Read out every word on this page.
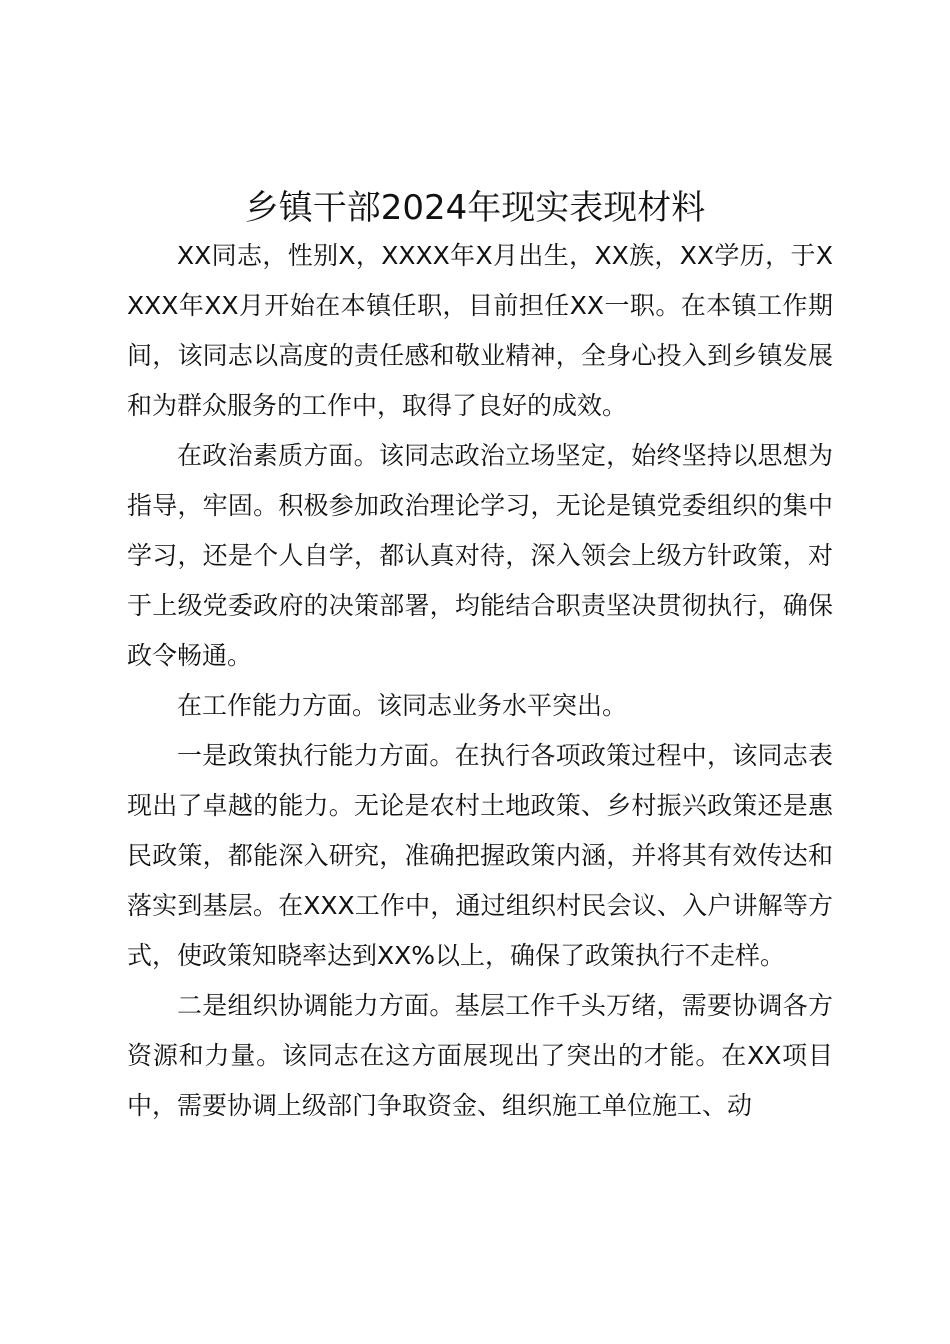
乡镇干部2024年现实表现材料

XX同志，性别X，XXXX年X月出生，XX族，XX学历，于XXXX年XX月开始在本镇任职，目前担任XX一职。在本镇工作期间，该同志以高度的责任感和敬业精神，全身心投入到乡镇发展和为群众服务的工作中，取得了良好的成效。

在政治素质方面。该同志政治立场坚定，始终坚持以思想为指导，牢固。积极参加政治理论学习，无论是镇党委组织的集中学习，还是个人自学，都认真对待，深入领会上级方针政策，对于上级党委政府的决策部署，均能结合职责坚决贯彻执行，确保政令畅通。

在工作能力方面。该同志业务水平突出。

一是政策执行能力方面。在执行各项政策过程中，该同志表现出了卓越的能力。无论是农村土地政策、乡村振兴政策还是惠民政策，都能深入研究，准确把握政策内涵，并将其有效传达和落实到基层。在XXX工作中，通过组织村民会议、入户讲解等方式，使政策知晓率达到XX%以上，确保了政策执行不走样。

二是组织协调能力方面。基层工作千头万绪，需要协调各方资源和力量。该同志在这方面展现出了突出的才能。在XX项目中，需要协调上级部门争取资金、组织施工单位施工、动
